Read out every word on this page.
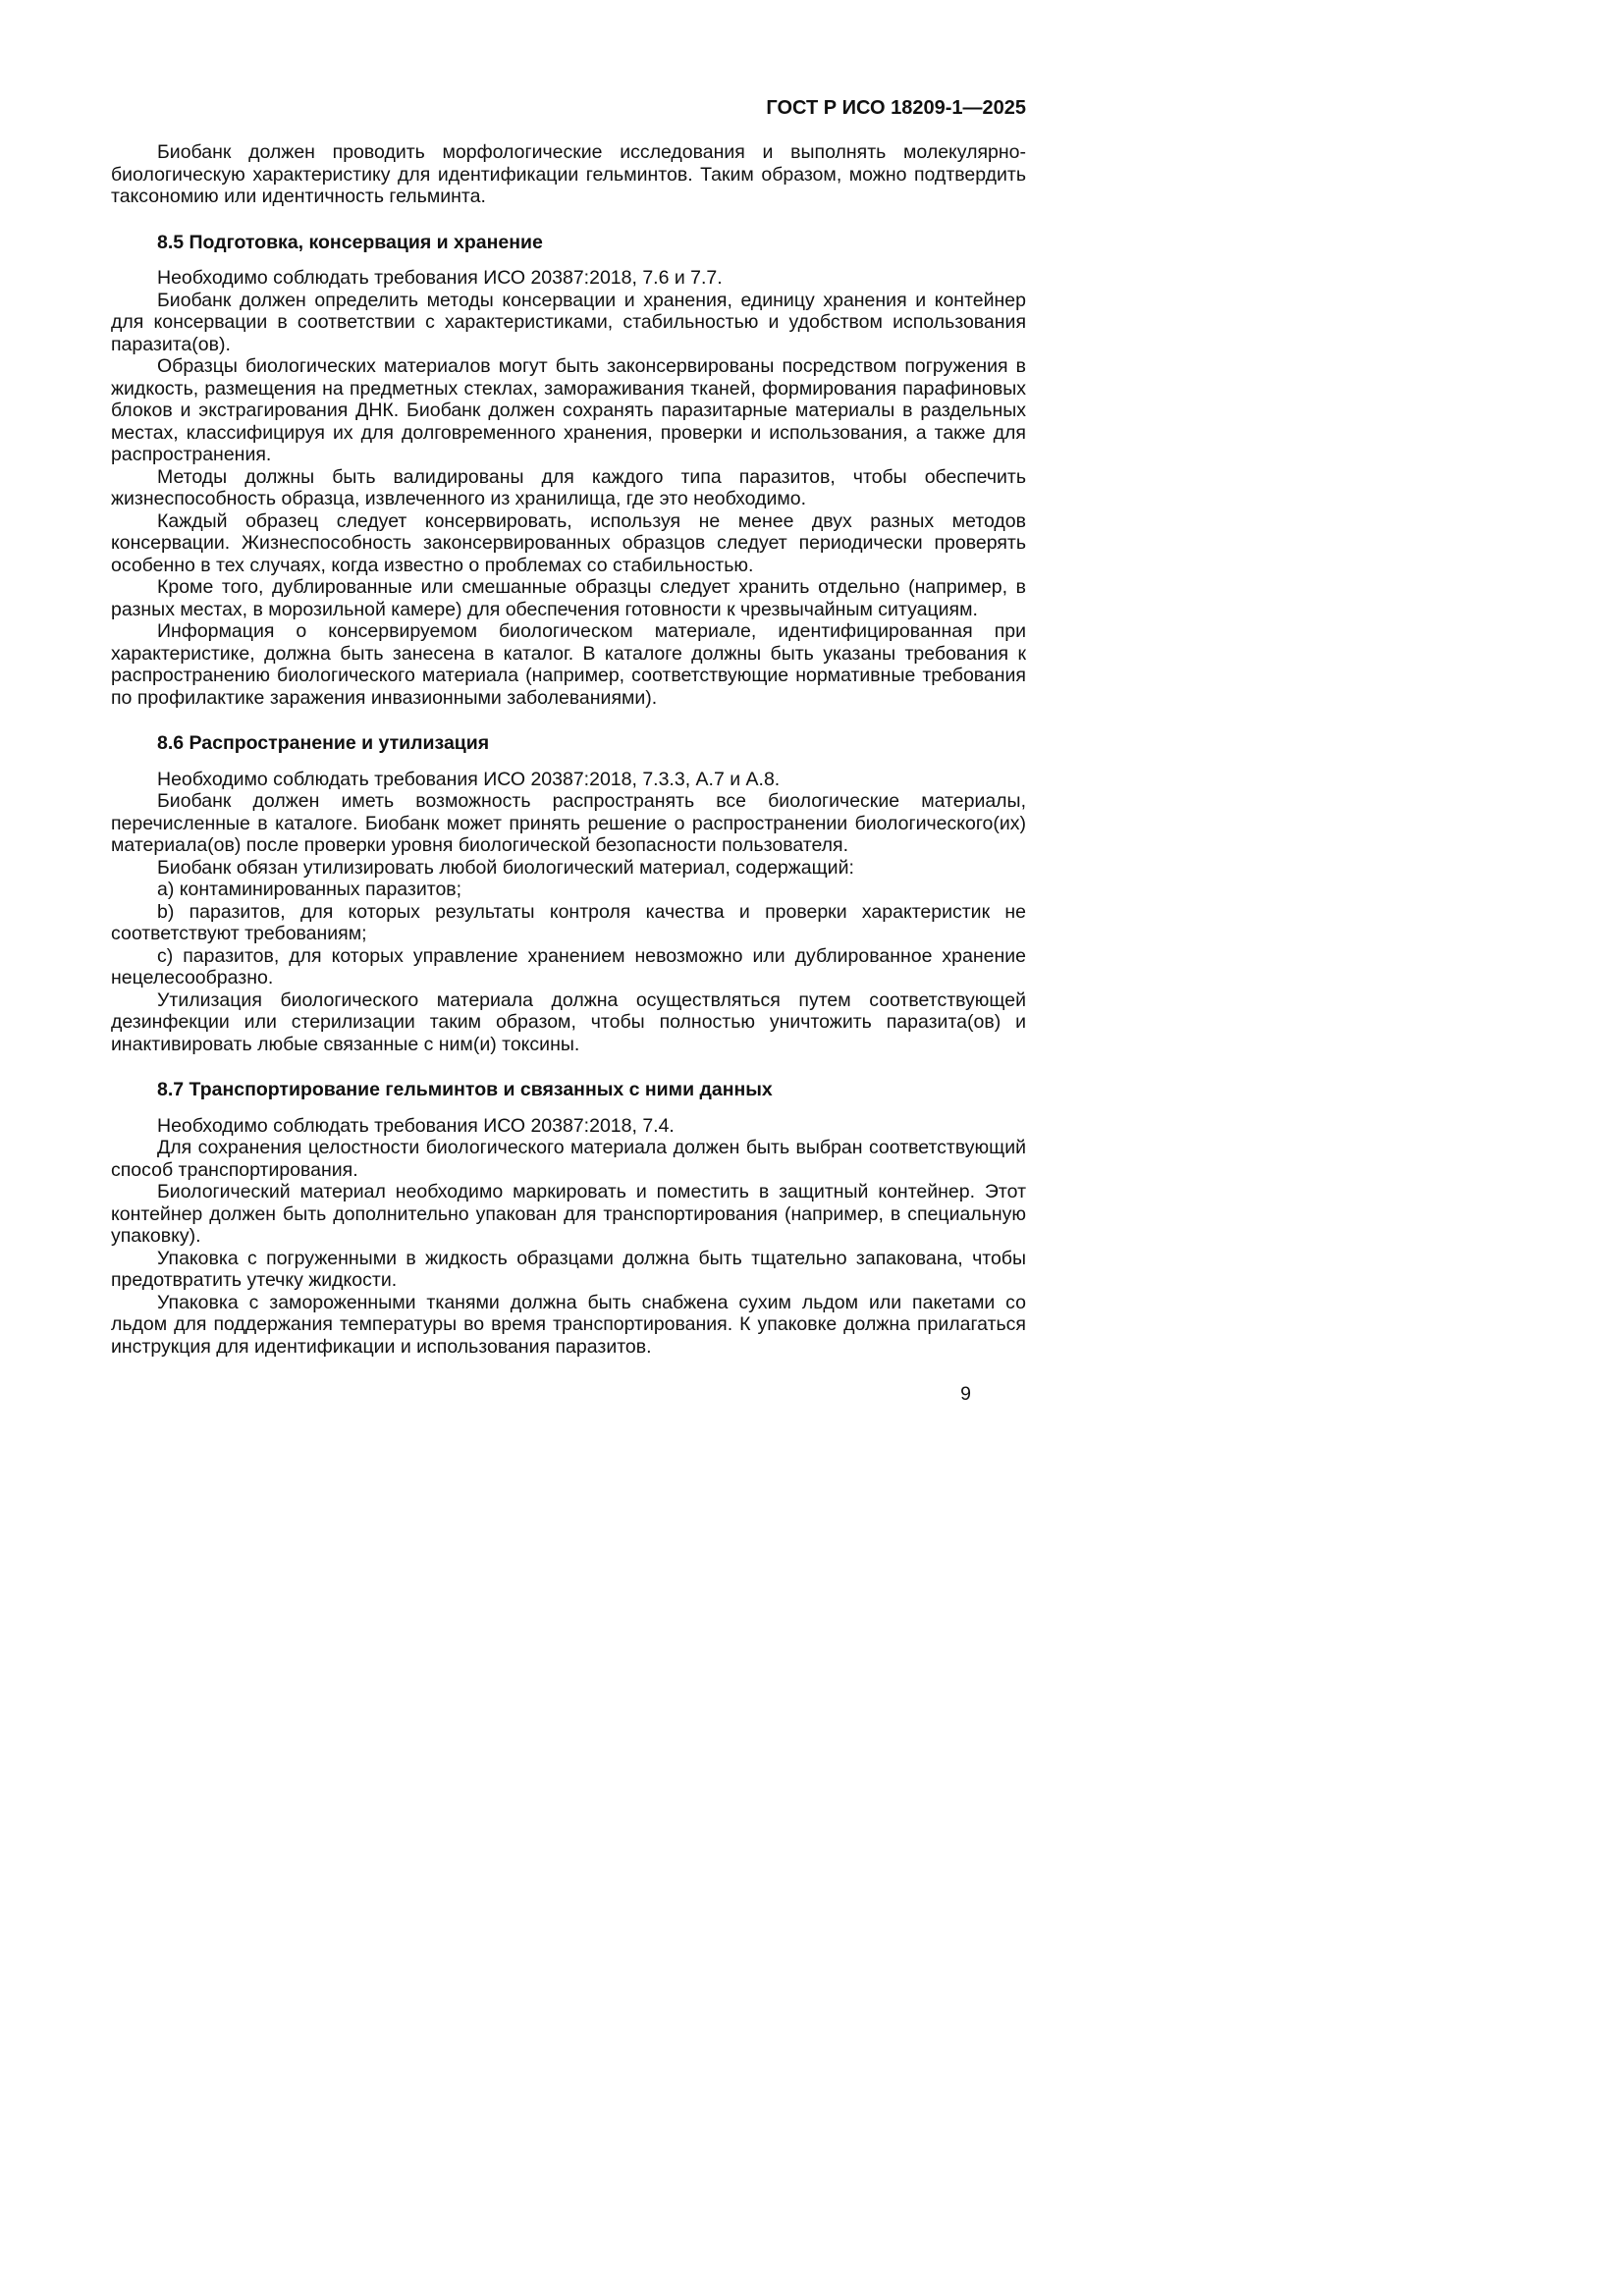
ГОСТ Р ИСО 18209-1—2025

Биобанк должен проводить морфологические исследования и выполнять молекулярно-биологическую характеристику для идентификации гельминтов. Таким образом, можно подтвердить таксономию или идентичность гельминта.

8.5 Подготовка, консервация и хранение

Необходимо соблюдать требования ИСО 20387:2018, 7.6 и 7.7.

Биобанк должен определить методы консервации и хранения, единицу хранения и контейнер для консервации в соответствии с характеристиками, стабильностью и удобством использования паразита(ов).

Образцы биологических материалов могут быть законсервированы посредством погружения в жидкость, размещения на предметных стеклах, замораживания тканей, формирования парафиновых блоков и экстрагирования ДНК. Биобанк должен сохранять паразитарные материалы в раздельных местах, классифицируя их для долговременного хранения, проверки и использования, а также для распространения.

Методы должны быть валидированы для каждого типа паразитов, чтобы обеспечить жизнеспособность образца, извлеченного из хранилища, где это необходимо.

Каждый образец следует консервировать, используя не менее двух разных методов консервации. Жизнеспособность законсервированных образцов следует периодически проверять особенно в тех случаях, когда известно о проблемах со стабильностью.

Кроме того, дублированные или смешанные образцы следует хранить отдельно (например, в разных местах, в морозильной камере) для обеспечения готовности к чрезвычайным ситуациям.

Информация о консервируемом биологическом материале, идентифицированная при характеристике, должна быть занесена в каталог. В каталоге должны быть указаны требования к распространению биологического материала (например, соответствующие нормативные требования по профилактике заражения инвазионными заболеваниями).

8.6 Распространение и утилизация

Необходимо соблюдать требования ИСО 20387:2018, 7.3.3, А.7 и А.8.

Биобанк должен иметь возможность распространять все биологические материалы, перечисленные в каталоге. Биобанк может принять решение о распространении биологического(их) материала(ов) после проверки уровня биологической безопасности пользователя.

Биобанк обязан утилизировать любой биологический материал, содержащий:

a) контаминированных паразитов;

b) паразитов, для которых результаты контроля качества и проверки характеристик не соответствуют требованиям;

c) паразитов, для которых управление хранением невозможно или дублированное хранение нецелесообразно.

Утилизация биологического материала должна осуществляться путем соответствующей дезинфекции или стерилизации таким образом, чтобы полностью уничтожить паразита(ов) и инактивировать любые связанные с ним(и) токсины.

8.7 Транспортирование гельминтов и связанных с ними данных

Необходимо соблюдать требования ИСО 20387:2018, 7.4.

Для сохранения целостности биологического материала должен быть выбран соответствующий способ транспортирования.

Биологический материал необходимо маркировать и поместить в защитный контейнер. Этот контейнер должен быть дополнительно упакован для транспортирования (например, в специальную упаковку).

Упаковка с погруженными в жидкость образцами должна быть тщательно запакована, чтобы предотвратить утечку жидкости.

Упаковка с замороженными тканями должна быть снабжена сухим льдом или пакетами со льдом для поддержания температуры во время транспортирования. К упаковке должна прилагаться инструкция для идентификации и использования паразитов.

9
